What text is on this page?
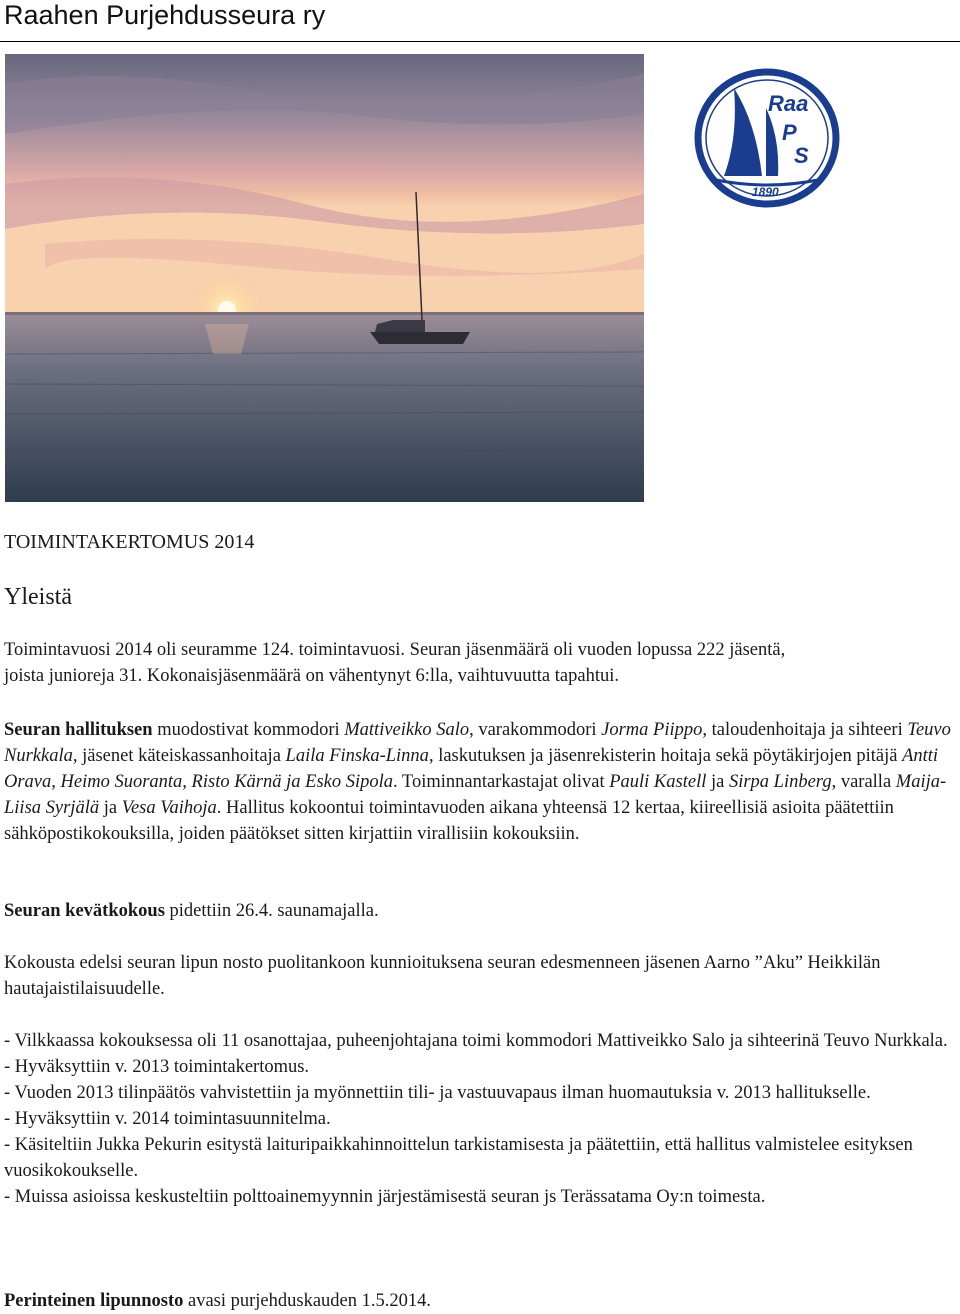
Raahen Purjehdusseura ry
Raa
P
S
1890
TOIMINTAKERTOMUS 2014
Yleistä

Toimintavuosi 2014 oli seuramme 124. toimintavuosi. Seuran jäsenmäärä oli vuoden lopussa 222 jäsentä,
joista junioreja 31. Kokonaisjäsenmäärä on vähentynyt 6:lla, vaihtuvuutta tapahtui.

Seuran hallituksen muodostivat kommodori Mattiveikko Salo, varakommodori Jorma Piippo, taloudenhoitaja ja sihteeri Teuvo Nurkkala, jäsenet käteiskassanhoitaja Laila Finska-Linna, laskutuksen ja jäsenrekisterin hoitaja sekä pöytäkirjojen pitäjä Antti Orava, Heimo Suoranta, Risto Kärnä ja Esko Sipola. Toiminnantarkastajat olivat Pauli Kastell ja Sirpa Linberg, varalla Maija-Liisa Syrjälä ja Vesa Vaihoja. Hallitus kokoontui toimintavuoden aikana yhteensä 12 kertaa, kiireellisiä asioita päätettiin sähköpostikokouksilla, joiden päätökset sitten kirjattiin virallisiin kokouksiin.

Seuran kevätkokous pidettiin 26.4. saunamajalla.

Kokousta edelsi seuran lipun nosto puolitankoon kunnioituksena seuran edesmenneen jäsenen Aarno ”Aku” Heikkilän hautajaistilaisuudelle.

- Vilkkaassa kokouksessa oli 11 osanottajaa, puheenjohtajana toimi kommodori Mattiveikko Salo ja sihteerinä Teuvo Nurkkala.
- Hyväksyttiin v. 2013 toimintakertomus.
- Vuoden 2013 tilinpäätös vahvistettiin ja myönnettiin tili- ja vastuuvapaus ilman huomautuksia v. 2013 hallitukselle.
- Hyväksyttiin v. 2014 toimintasuunnitelma.
- Käsiteltiin Jukka Pekurin esitystä laituripaikkahinnoittelun tarkistamisesta ja päätettiin, että hallitus valmistelee esityksen vuosikokoukselle.
- Muissa asioissa keskusteltiin polttoainemyynnin järjestämisestä seuran js Terässatama Oy:n toimesta.

Perinteinen lipunnosto avasi purjehduskauden 1.5.2014.
